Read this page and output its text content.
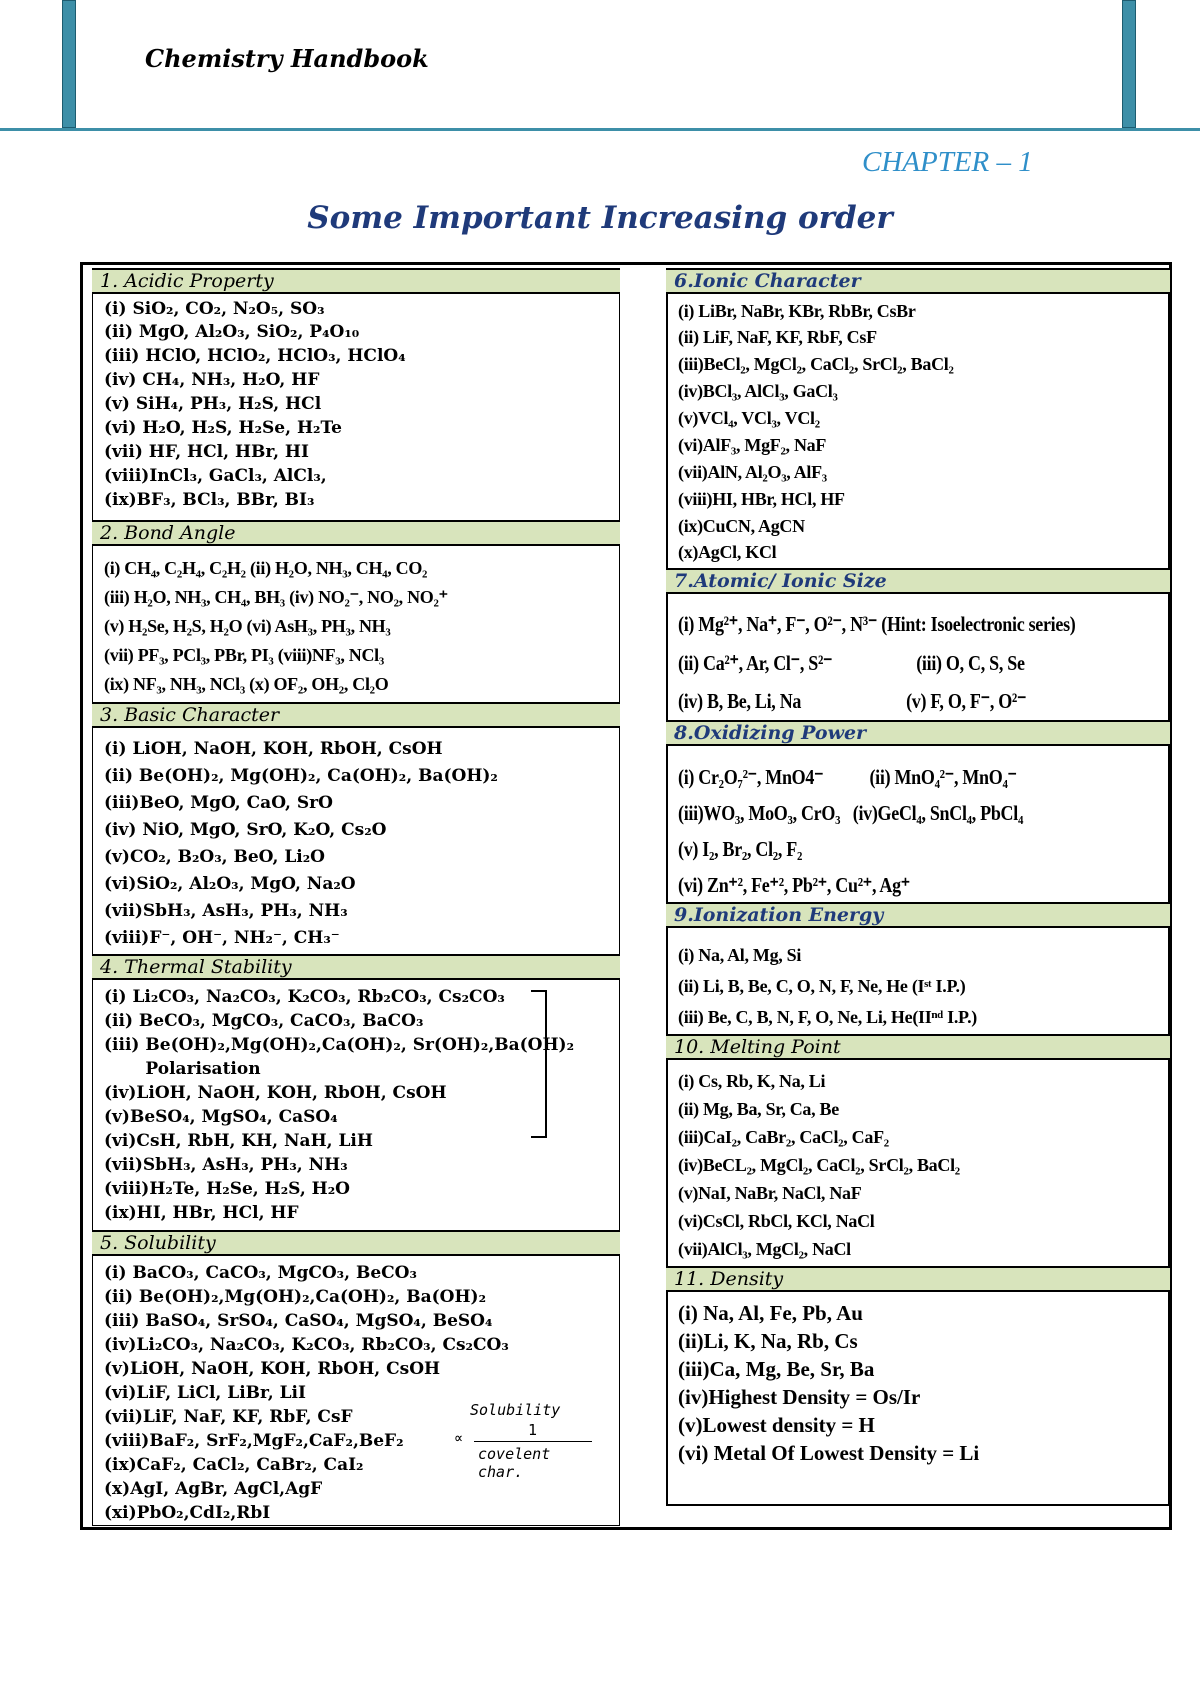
Chemistry Handbook
CHAPTER – 1
Some Important Increasing order
1. Acidic Property
(i) SiO₂, CO₂, N₂O₅, SO₃
(ii) MgO, Al₂O₃, SiO₂, P₄O₁₀
(iii) HClO, HClO₂, HClO₃, HClO₄
(iv) CH₄, NH₃, H₂O, HF
(v) SiH₄, PH₃, H₂S, HCl
(vi) H₂O, H₂S, H₂Se, H₂Te
(vii) HF, HCl, HBr, HI
(viii)InCl₃, GaCl₃, AlCl₃,
(ix)BF₃, BCl₃, BBr, BI₃
2. Bond Angle
(i) CH₄, C₂H₄, C₂H₂ (ii) H₂O, NH₃, CH₄, CO₂
(iii) H₂O, NH₃, CH₄, BH₃ (iv) NO₂⁻, NO₂, NO₂⁺
(v) H₂Se, H₂S, H₂O (vi) AsH₃, PH₃, NH₃
(vii) PF₃, PCl₃, PBr, PI₃ (viii)NF₃, NCl₃
(ix) NF₃, NH₃, NCl₃ (x) OF₂, OH₂, Cl₂O
3. Basic Character
(i) LiOH, NaOH, KOH, RbOH, CsOH
(ii) Be(OH)₂, Mg(OH)₂, Ca(OH)₂, Ba(OH)₂
(iii)BeO, MgO, CaO, SrO
(iv) NiO, MgO, SrO, K₂O, Cs₂O
(v)CO₂, B₂O₃, BeO, Li₂O
(vi)SiO₂, Al₂O₃, MgO, Na₂O
(vii)SbH₃, AsH₃, PH₃, NH₃
(viii)F⁻, OH⁻, NH₂⁻, CH₃⁻
4. Thermal Stability
(i) Li₂CO₃, Na₂CO₃, K₂CO₃, Rb₂CO₃, Cs₂CO₃
(ii) BeCO₃, MgCO₃, CaCO₃, BaCO₃
(iii) Be(OH)₂,Mg(OH)₂,Ca(OH)₂, Sr(OH)₂,Ba(OH)₂
Polarisation
(iv)LiOH, NaOH, KOH, RbOH, CsOH
(v)BeSO₄, MgSO₄, CaSO₄
(vi)CsH, RbH, KH, NaH, LiH
(vii)SbH₃, AsH₃, PH₃, NH₃
(viii)H₂Te, H₂Se, H₂S, H₂O
(ix)HI, HBr, HCl, HF
5. Solubility
(i) BaCO₃, CaCO₃, MgCO₃, BeCO₃
(ii) Be(OH)₂,Mg(OH)₂,Ca(OH)₂, Ba(OH)₂
(iii) BaSO₄, SrSO₄, CaSO₄, MgSO₄, BeSO₄
(iv)Li₂CO₃, Na₂CO₃, K₂CO₃, Rb₂CO₃, Cs₂CO₃
(v)LiOH, NaOH, KOH, RbOH, CsOH
(vi)LiF, LiCl, LiBr, LiI
(vii)LiF, NaF, KF, RbF, CsF
(viii)BaF₂, SrF₂,MgF₂,CaF₂,BeF₂
(ix)CaF₂, CaCl₂, CaBr₂, CaI₂
(x)AgI, AgBr, AgCl,AgF
(xi)PbO₂,CdI₂,RbI
Solubility
∝	1
covelent char.
6.Ionic Character
(i) LiBr, NaBr, KBr, RbBr, CsBr
(ii) LiF, NaF, KF, RbF, CsF
(iii)BeCl₂, MgCl₂, CaCl₂, SrCl₂, BaCl₂
(iv)BCl₃, AlCl₃, GaCl₃
(v)VCl₄, VCl₃, VCl₂
(vi)AlF₃, MgF₂, NaF
(vii)AlN, Al₂O₃, AlF₃
(viii)HI, HBr, HCl, HF
(ix)CuCN, AgCN
(x)AgCl, KCl
7.Atomic/ Ionic Size
(i) Mg²⁺, Na⁺, F⁻, O²⁻, N³⁻ (Hint: Isoelectronic series)
(ii) Ca²⁺, Ar, Cl⁻, S²⁻                    (iii) O, C, S, Se
(iv) B, Be, Li, Na                         (v) F, O, F⁻, O²⁻
8.Oxidizing Power
(i) Cr₂O₇²⁻, MnO4⁻           (ii) MnO₄²⁻, MnO₄⁻
(iii)WO₃, MoO₃, CrO₃   (iv)GeCl₄, SnCl₄, PbCl₄
(v) I₂, Br₂, Cl₂, F₂
(vi) Zn⁺², Fe⁺², Pb²⁺, Cu²⁺, Ag⁺
9.Ionization Energy
(i) Na, Al, Mg, Si
(ii) Li, B, Be, C, O, N, F, Ne, He (Iˢᵗ I.P.)
(iii) Be, C, B, N, F, O, Ne, Li, He(IIⁿᵈ I.P.)
10. Melting Point
(i) Cs, Rb, K, Na, Li
(ii) Mg, Ba, Sr, Ca, Be
(iii)CaI₂, CaBr₂, CaCl₂, CaF₂
(iv)BeCL₂, MgCl₂, CaCl₂, SrCl₂, BaCl₂
(v)NaI, NaBr, NaCl, NaF
(vi)CsCl, RbCl, KCl, NaCl
(vii)AlCl₃, MgCl₂, NaCl
11. Density
(i) Na, Al, Fe, Pb, Au
(ii)Li, K, Na, Rb, Cs
(iii)Ca, Mg, Be, Sr, Ba
(iv)Highest Density = Os/Ir
(v)Lowest density = H
(vi) Metal Of Lowest Density = Li
